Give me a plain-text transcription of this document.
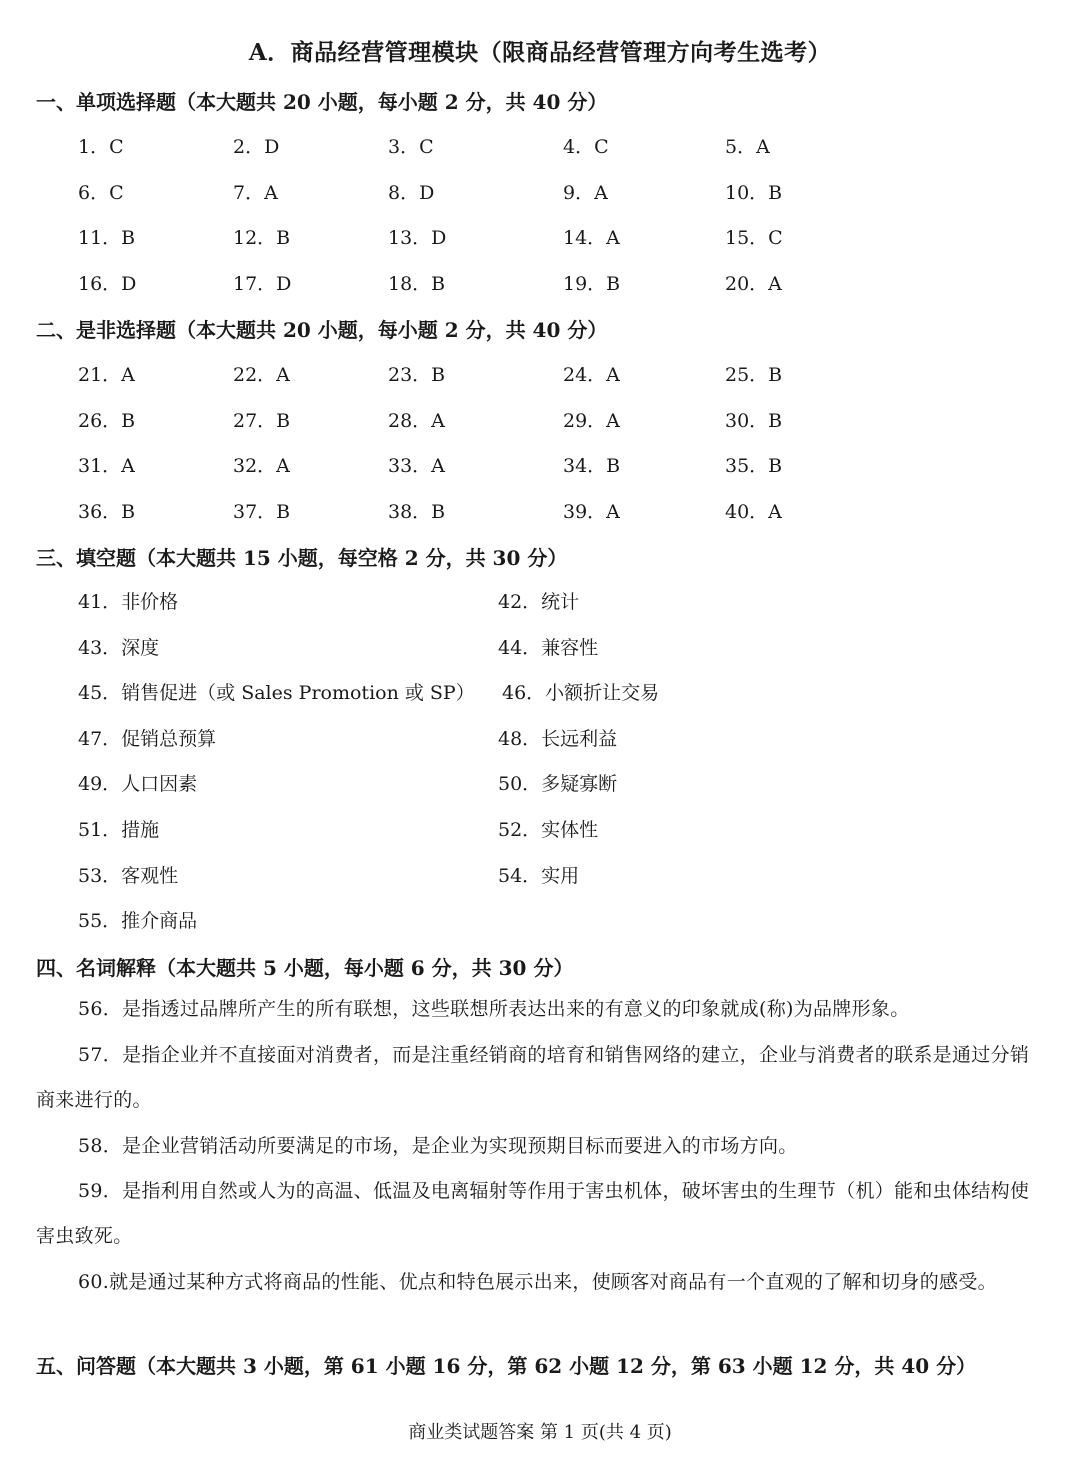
A．商品经营管理模块（限商品经营管理方向考生选考）
一、单项选择题（本大题共 20 小题，每小题 2 分，共 40 分）
1．C	2．D	3．C	4．C	5．A
6．C	7．A	8．D	9．A	10．B
11．B	12．B	13．D	14．A	15．C
16．D	17．D	18．B	19．B	20．A
二、是非选择题（本大题共 20 小题，每小题 2 分，共 40 分）
21．A	22．A	23．B	24．A	25．B
26．B	27．B	28．A	29．A	30．B
31．A	32．A	33．A	34．B	35．B
36．B	37．B	38．B	39．A	40．A
三、填空题（本大题共 15 小题，每空格 2 分，共 30 分）
41．非价格	42．统计
43．深度	44．兼容性
45．销售促进（或 Sales Promotion 或 SP） 46．小额折让交易
47．促销总预算	48．长远利益
49．人口因素	50．多疑寡断
51．措施	52．实体性
53．客观性	54．实用
55．推介商品
四、名词解释（本大题共 5 小题，每小题 6 分，共 30 分）
56．是指透过品牌所产生的所有联想，这些联想所表达出来的有意义的印象就成(称)为品牌形象。
57．是指企业并不直接面对消费者，而是注重经销商的培育和销售网络的建立，企业与消费者的联系是通过分销商来进行的。
58．是企业营销活动所要满足的市场，是企业为实现预期目标而要进入的市场方向。
59．是指利用自然或人为的高温、低温及电离辐射等作用于害虫机体，破坏害虫的生理节（机）能和虫体结构使害虫致死。
60.就是通过某种方式将商品的性能、优点和特色展示出来，使顾客对商品有一个直观的了解和切身的感受。
五、问答题（本大题共 3 小题，第 61 小题 16 分，第 62 小题 12 分，第 63 小题 12 分，共 40 分）
商业类试题答案 第 1 页(共 4 页)
